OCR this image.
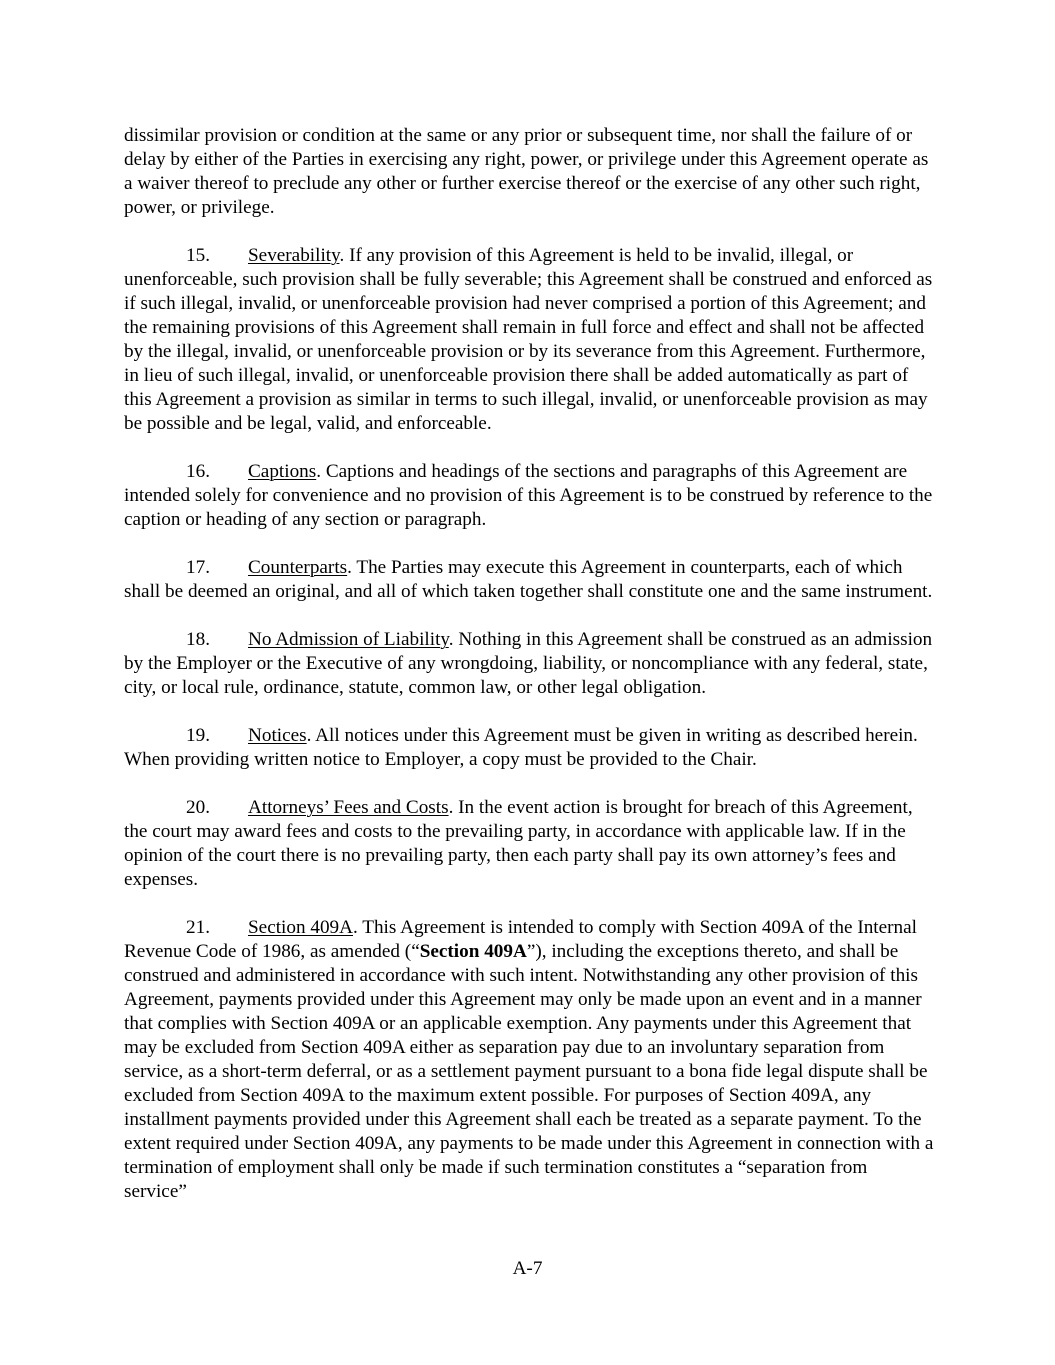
dissimilar provision or condition at the same or any prior or subsequent time, nor shall the failure of or delay by either of the Parties in exercising any right, power, or privilege under this Agreement operate as a waiver thereof to preclude any other or further exercise thereof or the exercise of any other such right, power, or privilege.

15. Severability. If any provision of this Agreement is held to be invalid, illegal, or unenforceable, such provision shall be fully severable; this Agreement shall be construed and enforced as if such illegal, invalid, or unenforceable provision had never comprised a portion of this Agreement; and the remaining provisions of this Agreement shall remain in full force and effect and shall not be affected by the illegal, invalid, or unenforceable provision or by its severance from this Agreement. Furthermore, in lieu of such illegal, invalid, or unenforceable provision there shall be added automatically as part of this Agreement a provision as similar in terms to such illegal, invalid, or unenforceable provision as may be possible and be legal, valid, and enforceable.

16. Captions. Captions and headings of the sections and paragraphs of this Agreement are intended solely for convenience and no provision of this Agreement is to be construed by reference to the caption or heading of any section or paragraph.

17. Counterparts. The Parties may execute this Agreement in counterparts, each of which shall be deemed an original, and all of which taken together shall constitute one and the same instrument.

18. No Admission of Liability. Nothing in this Agreement shall be construed as an admission by the Employer or the Executive of any wrongdoing, liability, or noncompliance with any federal, state, city, or local rule, ordinance, statute, common law, or other legal obligation.

19. Notices. All notices under this Agreement must be given in writing as described herein. When providing written notice to Employer, a copy must be provided to the Chair.

20. Attorneys’ Fees and Costs. In the event action is brought for breach of this Agreement, the court may award fees and costs to the prevailing party, in accordance with applicable law. If in the opinion of the court there is no prevailing party, then each party shall pay its own attorney’s fees and expenses.

21. Section 409A. This Agreement is intended to comply with Section 409A of the Internal Revenue Code of 1986, as amended (“Section 409A”), including the exceptions thereto, and shall be construed and administered in accordance with such intent. Notwithstanding any other provision of this Agreement, payments provided under this Agreement may only be made upon an event and in a manner that complies with Section 409A or an applicable exemption. Any payments under this Agreement that may be excluded from Section 409A either as separation pay due to an involuntary separation from service, as a short-term deferral, or as a settlement payment pursuant to a bona fide legal dispute shall be excluded from Section 409A to the maximum extent possible. For purposes of Section 409A, any installment payments provided under this Agreement shall each be treated as a separate payment. To the extent required under Section 409A, any payments to be made under this Agreement in connection with a termination of employment shall only be made if such termination constitutes a “separation from service”

A-7
